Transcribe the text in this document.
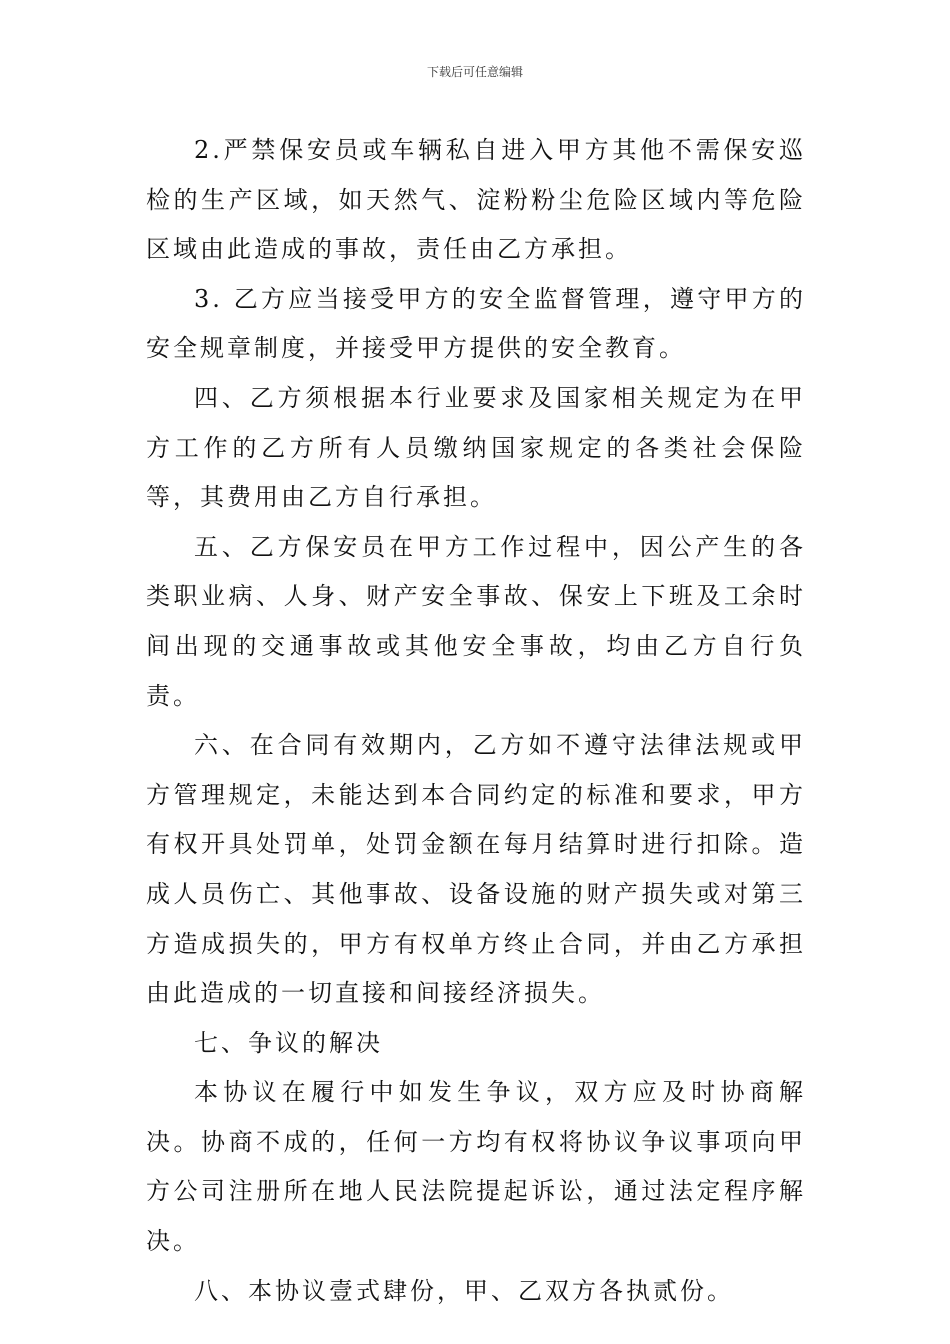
下载后可任意编辑

2.严禁保安员或车辆私自进入甲方其他不需保安巡检的生产区域，如天然气、淀粉粉尘危险区域内等危险区域由此造成的事故，责任由乙方承担。

3. 乙方应当接受甲方的安全监督管理，遵守甲方的安全规章制度，并接受甲方提供的安全教育。

四、乙方须根据本行业要求及国家相关规定为在甲方工作的乙方所有人员缴纳国家规定的各类社会保险等，其费用由乙方自行承担。

五、乙方保安员在甲方工作过程中，因公产生的各类职业病、人身、财产安全事故、保安上下班及工余时间出现的交通事故或其他安全事故，均由乙方自行负责。

六、在合同有效期内，乙方如不遵守法律法规或甲方管理规定，未能达到本合同约定的标准和要求，甲方有权开具处罚单，处罚金额在每月结算时进行扣除。造成人员伤亡、其他事故、设备设施的财产损失或对第三方造成损失的，甲方有权单方终止合同，并由乙方承担由此造成的一切直接和间接经济损失。

七、争议的解决

本协议在履行中如发生争议，双方应及时协商解决。协商不成的，任何一方均有权将协议争议事项向甲方公司注册所在地人民法院提起诉讼，通过法定程序解决。

八、本协议壹式肆份，甲、乙双方各执贰份。
